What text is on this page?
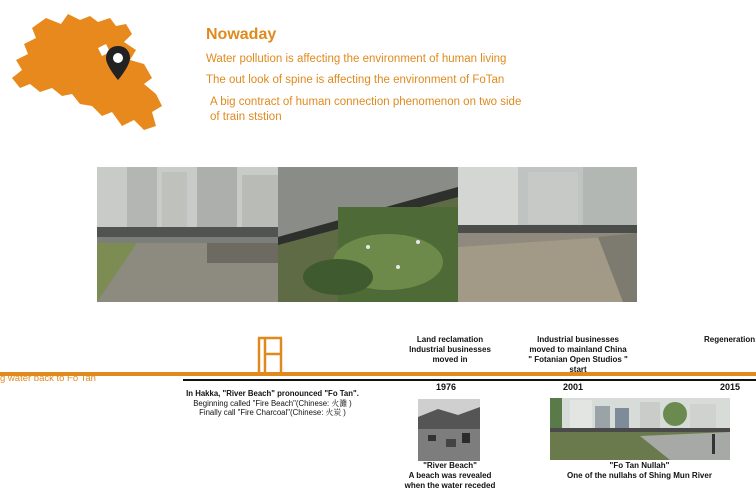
Nowaday
Water pollution is affecting the environment of human living
The out look of spine is affecting the environment of FoTan
A big contract of human connection phenomenon on two side
of train ststion
g water back to Fo Tan
Land reclamation
Industrial businesses
moved in
Industrial businesses
moved to mainland China
" Fotanian Open Studios "
start
Regeneration
1976	2001	2015
In Hakka, "River Beach" pronounced "Fo Tan".
Beginning called "Fire Beach"(Chinese: 火灘 )
Finally call "Fire Charcoal"(Chinese: 火炭 )
"River Beach"
A beach was revealed
when the water receded
"Fo Tan Nullah"
One of the nullahs of Shing Mun River
